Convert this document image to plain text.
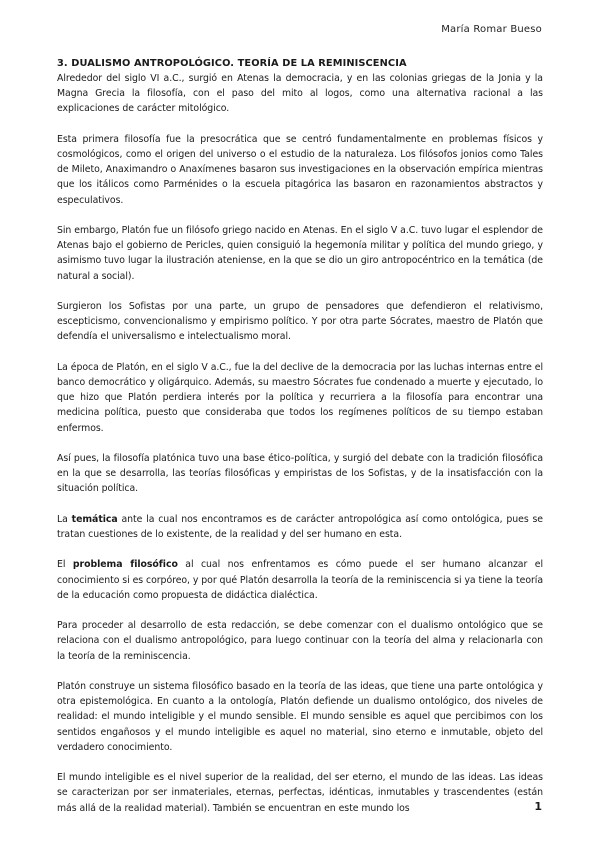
María Romar Bueso
3. DUALISMO ANTROPOLÓGICO. TEORÍA DE LA REMINISCENCIA

Alrededor del siglo VI a.C., surgió en Atenas la democracia, y en las colonias griegas de la Jonia y la Magna Grecia la filosofía, con el paso del mito al logos, como una alternativa racional a las explicaciones de carácter mitológico.

Esta primera filosofía fue la presocrática que se centró fundamentalmente en problemas físicos y cosmológicos, como el origen del universo o el estudio de la naturaleza. Los filósofos jonios como Tales de Mileto, Anaximandro o Anaxímenes basaron sus investigaciones en la observación empírica mientras que los itálicos como Parménides o la escuela pitagórica las basaron en razonamientos abstractos y especulativos.

Sin embargo, Platón fue un filósofo griego nacido en Atenas. En el siglo V a.C. tuvo lugar el esplendor de Atenas bajo el gobierno de Pericles, quien consiguió la hegemonía militar y política del mundo griego, y asimismo tuvo lugar la ilustración ateniense, en la que se dio un giro antropocéntrico en la temática (de natural a social).

Surgieron los Sofistas por una parte, un grupo de pensadores que defendieron el relativismo, escepticismo, convencionalismo y empirismo político. Y por otra parte Sócrates, maestro de Platón que defendía el universalismo e intelectualismo moral.

La época de Platón, en el siglo V a.C., fue la del declive de la democracia por las luchas internas entre el banco democrático y oligárquico. Además, su maestro Sócrates fue condenado a muerte y ejecutado, lo que hizo que Platón perdiera interés por la política y recurriera a la filosofía para encontrar una medicina política, puesto que consideraba que todos los regímenes políticos de su tiempo estaban enfermos.

Así pues, la filosofía platónica tuvo una base ético-política, y surgió del debate con la tradición filosófica en la que se desarrolla, las teorías filosóficas y empiristas de los Sofistas, y de la insatisfacción con la situación política.

La temática ante la cual nos encontramos es de carácter antropológica así como ontológica, pues se tratan cuestiones de lo existente, de la realidad y del ser humano en esta.

El problema filosófico al cual nos enfrentamos es cómo puede el ser humano alcanzar el conocimiento si es corpóreo, y por qué Platón desarrolla la teoría de la reminiscencia si ya tiene la teoría de la educación como propuesta de didáctica dialéctica.

Para proceder al desarrollo de esta redacción, se debe comenzar con el dualismo ontológico que se relaciona con el dualismo antropológico, para luego continuar con la teoría del alma y relacionarla con la teoría de la reminiscencia.

Platón construye un sistema filosófico basado en la teoría de las ideas, que tiene una parte ontológica y otra epistemológica. En cuanto a la ontología, Platón defiende un dualismo ontológico, dos niveles de realidad: el mundo inteligible y el mundo sensible. El mundo sensible es aquel que percibimos con los sentidos engañosos y el mundo inteligible es aquel no material, sino eterno e inmutable, objeto del verdadero conocimiento.

El mundo inteligible es el nivel superior de la realidad, del ser eterno, el mundo de las ideas. Las ideas se caracterizan por ser inmateriales, eternas, perfectas, idénticas, inmutables y trascendentes (están más allá de la realidad material). También se encuentran en este mundo los	1
